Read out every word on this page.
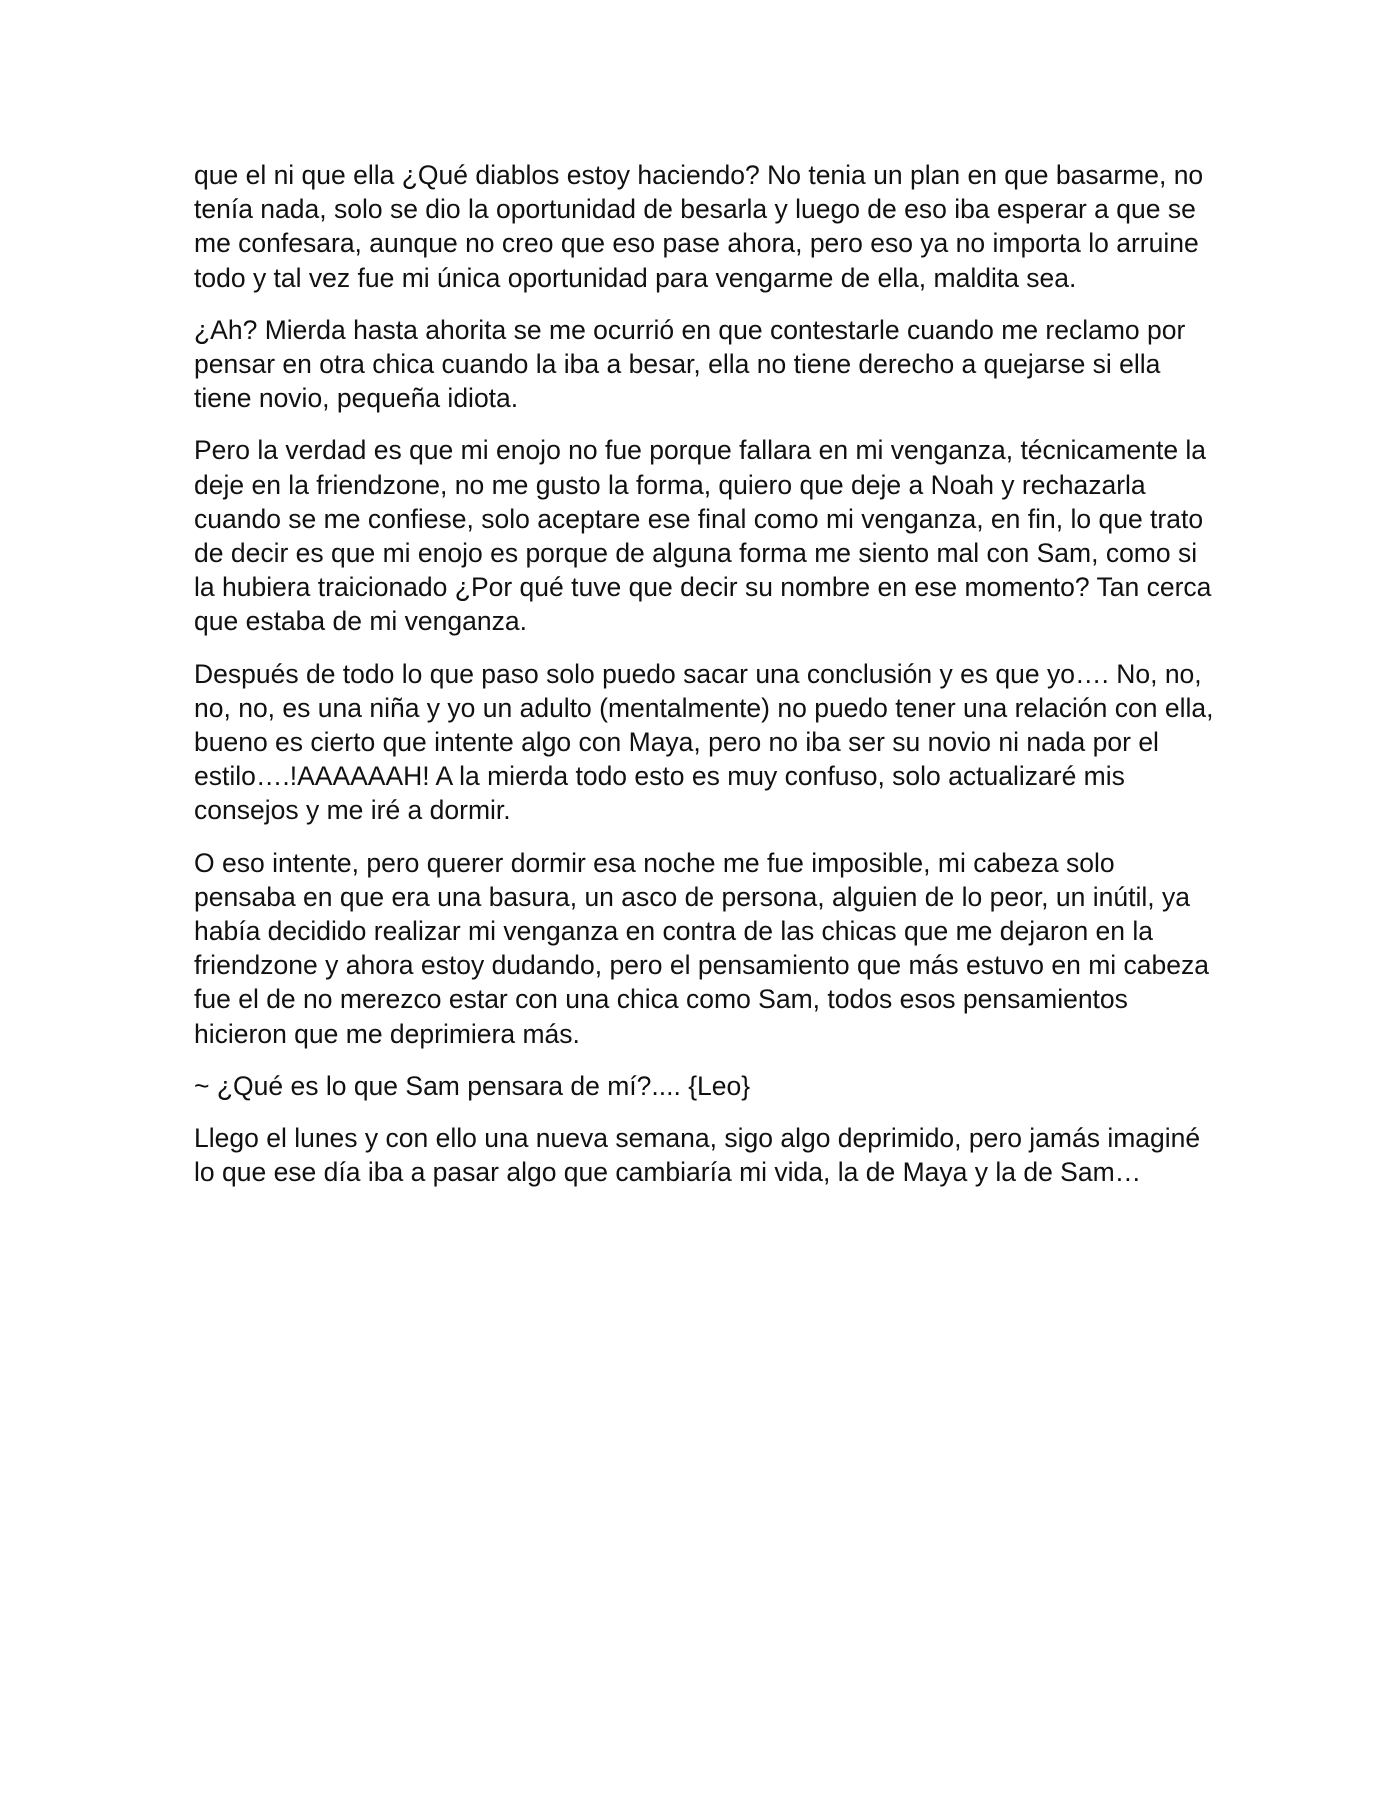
que el ni que ella ¿Qué diablos estoy haciendo? No tenia un plan en que basarme, no tenía nada, solo se dio la oportunidad de besarla y luego de eso iba esperar a que se me confesara, aunque no creo que eso pase ahora, pero eso ya no importa lo arruine todo y tal vez fue mi única oportunidad para vengarme de ella, maldita sea.

¿Ah? Mierda hasta ahorita se me ocurrió en que contestarle cuando me reclamo por pensar en otra chica cuando la iba a besar, ella no tiene derecho a quejarse si ella tiene novio, pequeña idiota.

Pero la verdad es que mi enojo no fue porque fallara en mi venganza, técnicamente la deje en la friendzone, no me gusto la forma, quiero que deje a Noah y rechazarla cuando se me confiese, solo aceptare ese final como mi venganza, en fin, lo que trato de decir es que mi enojo es porque de alguna forma me siento mal con Sam, como si la hubiera traicionado ¿Por qué tuve que decir su nombre en ese momento? Tan cerca que estaba de mi venganza.

Después de todo lo que paso solo puedo sacar una conclusión y es que yo…. No, no, no, no, es una niña y yo un adulto (mentalmente) no puedo tener una relación con ella, bueno es cierto que intente algo con Maya, pero no iba ser su novio ni nada por el estilo….!AAAAAAH! A la mierda todo esto es muy confuso, solo actualizaré mis consejos y me iré a dormir.

O eso intente, pero querer dormir esa noche me fue imposible, mi cabeza solo pensaba en que era una basura, un asco de persona, alguien de lo peor, un inútil, ya había decidido realizar mi venganza en contra de las chicas que me dejaron en la friendzone y ahora estoy dudando, pero el pensamiento que más estuvo en mi cabeza fue el de no merezco estar con una chica como Sam, todos esos pensamientos hicieron que me deprimiera más.

~ ¿Qué es lo que Sam pensara de mí?.... {Leo}

Llego el lunes y con ello una nueva semana, sigo algo deprimido, pero jamás imaginé lo que ese día iba a pasar algo que cambiaría mi vida, la de Maya y la de Sam…
